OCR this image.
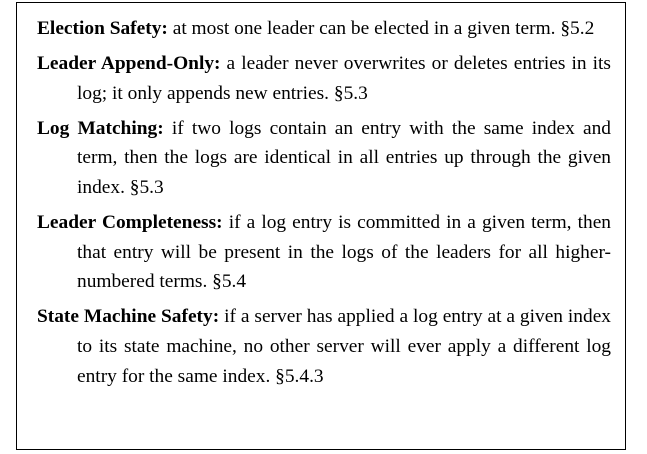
Election Safety: at most one leader can be elected in a given term. §5.2

Leader Append-Only: a leader never overwrites or deletes entries in its log; it only appends new entries. §5.3

Log Matching: if two logs contain an entry with the same index and term, then the logs are identical in all entries up through the given index. §5.3

Leader Completeness: if a log entry is committed in a given term, then that entry will be present in the logs of the leaders for all higher-numbered terms. §5.4

State Machine Safety: if a server has applied a log entry at a given index to its state machine, no other server will ever apply a different log entry for the same index. §5.4.3
